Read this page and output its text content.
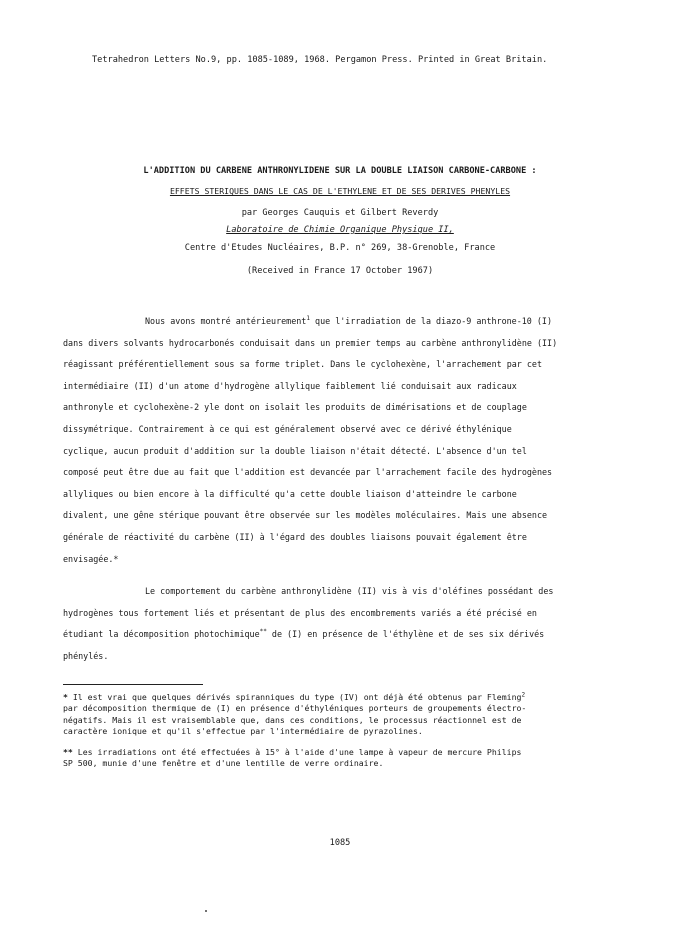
Tetrahedron Letters No.9, pp. 1085-1089, 1968. Pergamon Press. Printed in Great Britain.
L'ADDITION DU CARBENE ANTHRONYLIDENE SUR LA DOUBLE LIAISON CARBONE-CARBONE :
EFFETS STERIQUES DANS LE CAS DE L'ETHYLENE ET DE SES DERIVES PHENYLES
par Georges Cauquis et Gilbert Reverdy
Laboratoire de Chimie Organique Physique II,
Centre d'Etudes Nucléaires, B.P. n° 269, 38-Grenoble, France
(Received in France 17 October 1967)
Nous avons montré antérieurement$^1$ que l'irradiation de la diazo-9 anthrone-10 (I)
dans divers solvants hydrocarbonés conduisait dans un premier temps au carbène anthronylidène (II)
réagissant préférentiellement sous sa forme triplet. Dans le cyclohexène, l'arrachement par cet
intermédiaire (II) d'un atome d'hydrogène allylique faiblement lié conduisait aux radicaux
anthronyle et cyclohexène-2 yle dont on isolait les produits de dimérisations et de couplage
dissymétrique. Contrairement à ce qui est généralement observé avec ce dérivé éthylénique
cyclique, aucun produit d'addition sur la double liaison n'était détecté. L'absence d'un tel
composé peut être due au fait que l'addition est devancée par l'arrachement facile des hydrogènes
allyliques ou bien encore à la difficulté qu'a cette double liaison d'atteindre le carbone
divalent, une gêne stérique pouvant être observée sur les modèles moléculaires. Mais une absence
générale de réactivité du carbène (II) à l'égard des doubles liaisons pouvait également être
envisagée.*
Le comportement du carbène anthronylidène (II) vis à vis d'oléfines possédant des
hydrogènes tous fortement liés et présentant de plus des encombrements variés a été précisé en
étudiant la décomposition photochimique** de (I) en présence de l'éthylène et de ses six dérivés
phénylés.
* Il est vrai que quelques dérivés spiranniques du type (IV) ont déjà été obtenus par Fleming$^2$
par décomposition thermique de (I) en présence d'éthyléniques porteurs de groupements électro-
négatifs. Mais il est vraisemblable que, dans ces conditions, le processus réactionnel est de
caractère ionique et qu'il s'effectue par l'intermédiaire de pyrazolines.
** Les irradiations ont été effectuées à 15° à l'aide d'une lampe à vapeur de mercure Philips
SP 500, munie d'une fenêtre et d'une lentille de verre ordinaire.
1085
